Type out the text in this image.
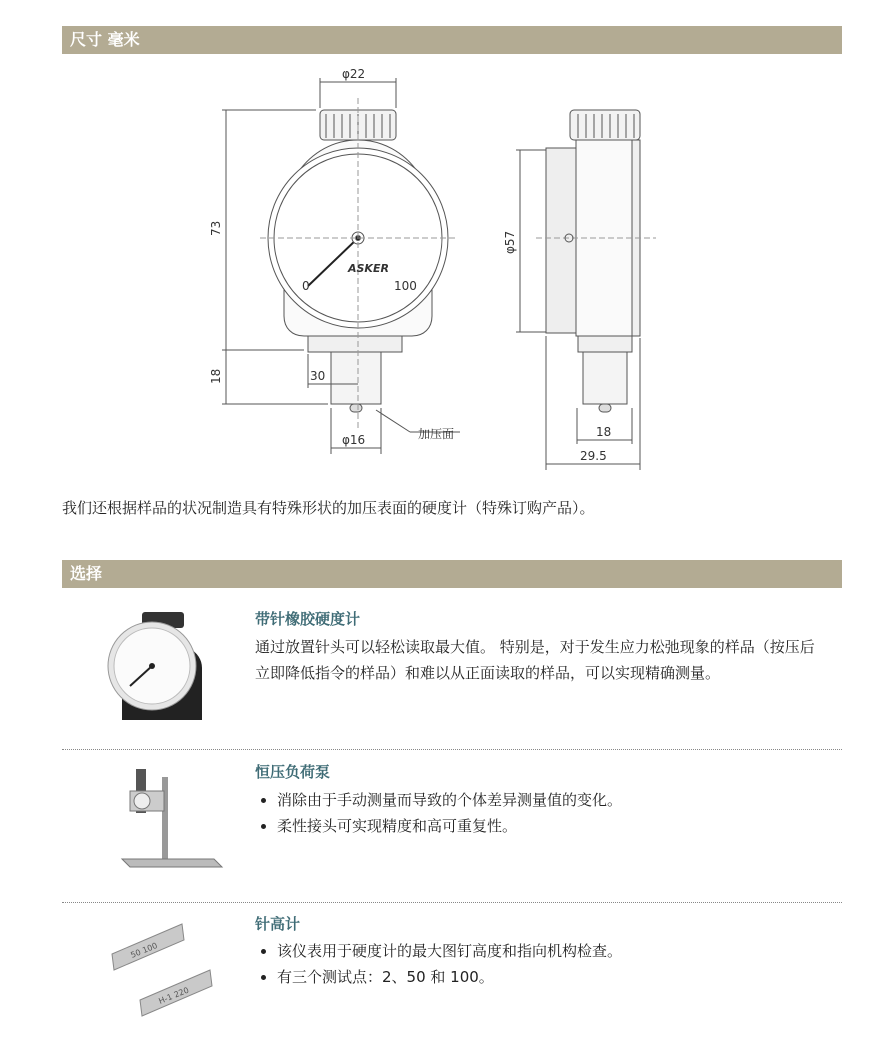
尺寸 毫米
φ22
73
18	30
φ16	加压面
ASKER
0	100
φ57
18
29.5
我们还根据样品的状况制造具有特殊形状的加压表面的硬度计（特殊订购产品）。
选择
带针橡胶硬度计
通过放置针头可以轻松读取最大值。 特别是，对于发生应力松弛现象的样品（按压后立即降低指令的样品）和难以从正面读取的样品，可以实现精确测量。
恒压负荷泵
• 消除由于手动测量而导致的个体差异测量值的变化。
• 柔性接头可实现精度和高可重复性。
50 100
H-1 220
针高计
• 该仪表用于硬度计的最大图钉高度和指向机构检查。
• 有三个测试点：2、50 和 100。
